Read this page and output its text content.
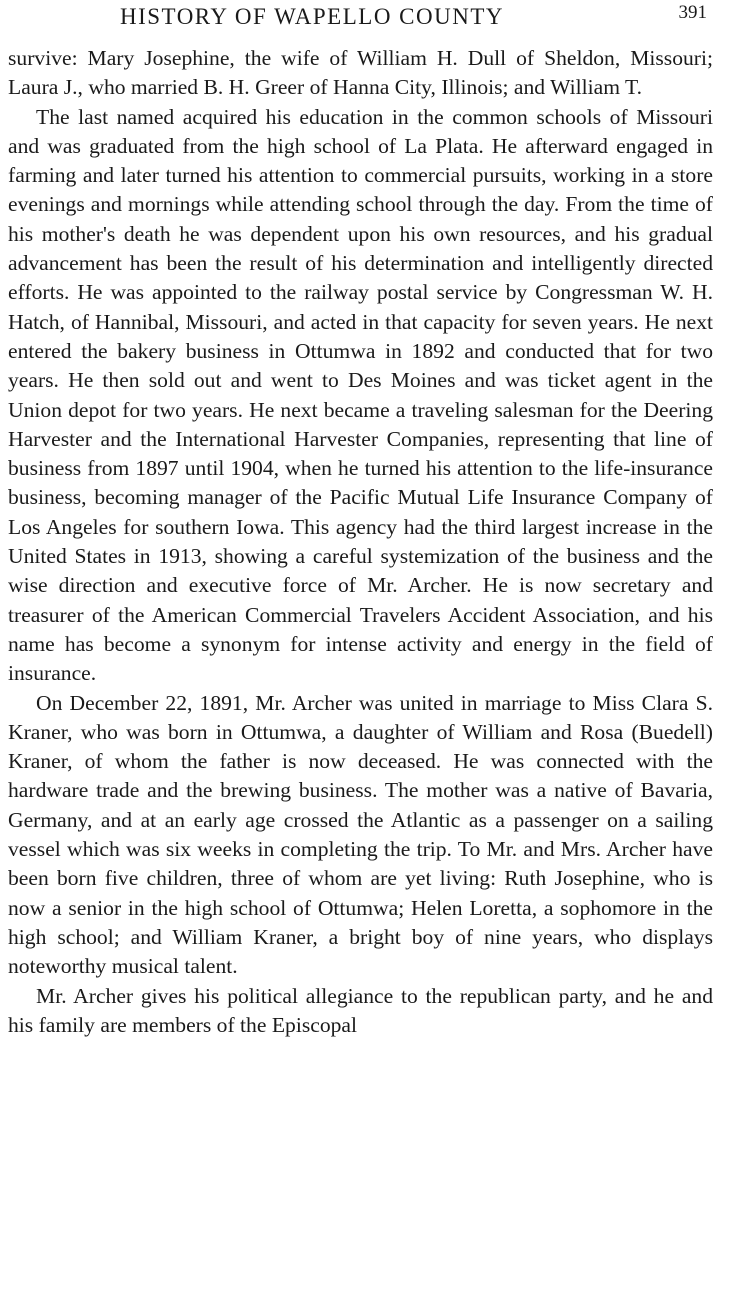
HISTORY OF WAPELLO COUNTY	391

survive: Mary Josephine, the wife of William H. Dull of Sheldon, Missouri; Laura J., who married B. H. Greer of Hanna City, Illinois; and William T.

The last named acquired his education in the common schools of Missouri and was graduated from the high school of La Plata. He afterward engaged in farming and later turned his attention to commercial pursuits, working in a store evenings and mornings while attending school through the day. From the time of his mother's death he was dependent upon his own resources, and his gradual advancement has been the result of his determination and intelligently directed efforts. He was appointed to the railway postal service by Congressman W. H. Hatch, of Hannibal, Missouri, and acted in that capacity for seven years. He next entered the bakery business in Ottumwa in 1892 and conducted that for two years. He then sold out and went to Des Moines and was ticket agent in the Union depot for two years. He next became a traveling salesman for the Deering Harvester and the International Harvester Companies, representing that line of business from 1897 until 1904, when he turned his attention to the life-insurance business, becoming manager of the Pacific Mutual Life Insurance Company of Los Angeles for southern Iowa. This agency had the third largest increase in the United States in 1913, showing a careful systemization of the business and the wise direction and executive force of Mr. Archer. He is now secretary and treasurer of the American Commercial Travelers Accident Association, and his name has become a synonym for intense activity and energy in the field of insurance.

On December 22, 1891, Mr. Archer was united in marriage to Miss Clara S. Kraner, who was born in Ottumwa, a daughter of William and Rosa (Buedell) Kraner, of whom the father is now deceased. He was connected with the hardware trade and the brewing business. The mother was a native of Bavaria, Germany, and at an early age crossed the Atlantic as a passenger on a sailing vessel which was six weeks in completing the trip. To Mr. and Mrs. Archer have been born five children, three of whom are yet living: Ruth Josephine, who is now a senior in the high school of Ottumwa; Helen Loretta, a sophomore in the high school; and William Kraner, a bright boy of nine years, who displays noteworthy musical talent.

Mr. Archer gives his political allegiance to the republican party, and he and his family are members of the Episcopal
